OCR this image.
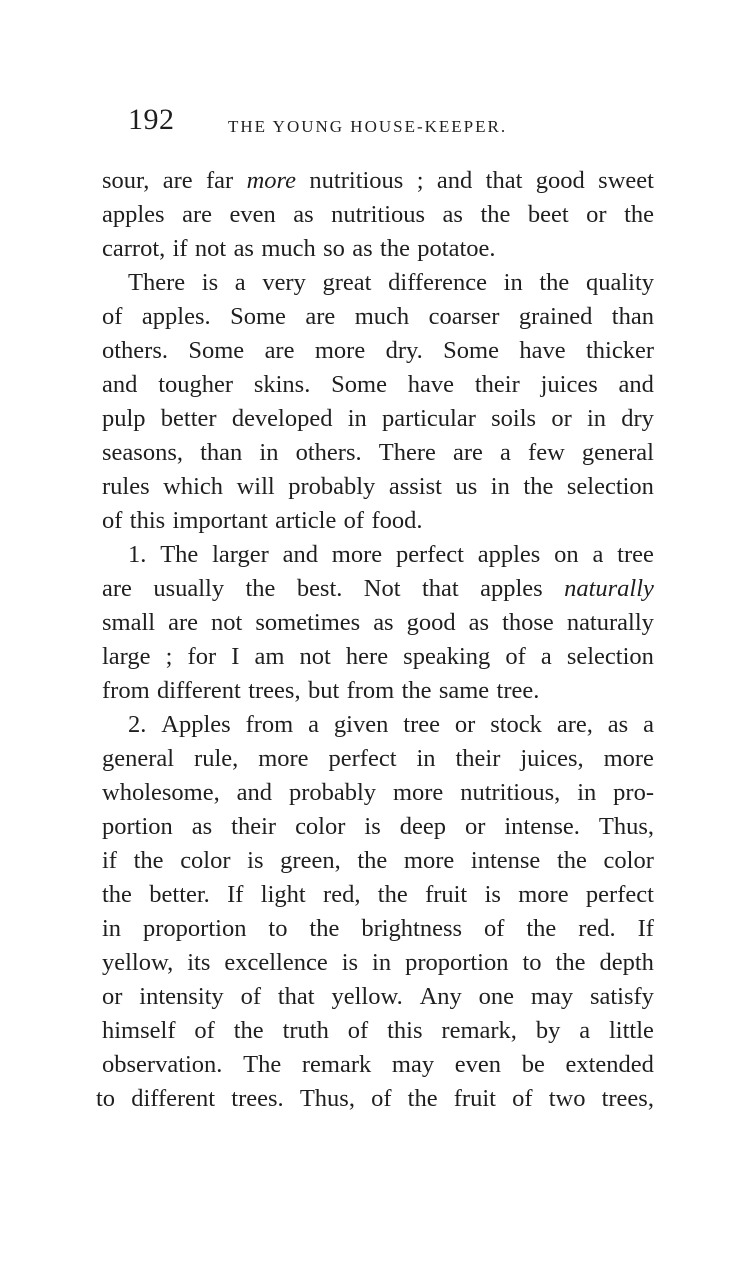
192	THE YOUNG HOUSE-KEEPER.
sour, are far more nutritious ; and that good sweet
apples are even as nutritious as the beet or the
carrot, if not as much so as the potatoe.
There is a very great difference in the quality
of apples. Some are much coarser grained than
others. Some are more dry. Some have thicker
and tougher skins. Some have their juices and
pulp better developed in particular soils or in dry
seasons, than in others. There are a few general
rules which will probably assist us in the selection
of this important article of food.
1. The larger and more perfect apples on a tree
are usually the best. Not that apples naturally
small are not sometimes as good as those naturally
large ; for I am not here speaking of a selection
from different trees, but from the same tree.
2. Apples from a given tree or stock are, as a
general rule, more perfect in their juices, more
wholesome, and probably more nutritious, in pro-
portion as their color is deep or intense. Thus,
if the color is green, the more intense the color
the better. If light red, the fruit is more perfect
in proportion to the brightness of the red. If
yellow, its excellence is in proportion to the depth
or intensity of that yellow. Any one may satisfy
himself of the truth of this remark, by a little
observation. The remark may even be extended
to different trees. Thus, of the fruit of two trees,
